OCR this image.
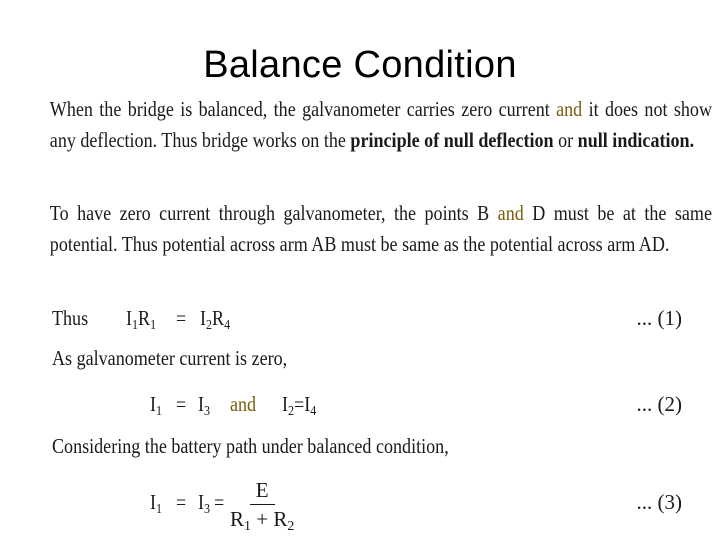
Balance Condition
When the bridge is balanced, the galvanometer carries zero current and it does not show any deflection. Thus bridge works on the principle of null deflection or null indication.
To have zero current through galvanometer, the points B and D must be at the same potential. Thus potential across arm AB must be same as the potential across arm AD.
Thus $I_1R_1 = I_2R_4$	... (1)
As galvanometer current is zero,
$I_1 = I_3$ and $I_2=I_4$	... (2)
Considering the battery path under balanced condition,
$I_1 = I_3$ =	... (3)
$\frac{E}{R_1 + R_2}$
